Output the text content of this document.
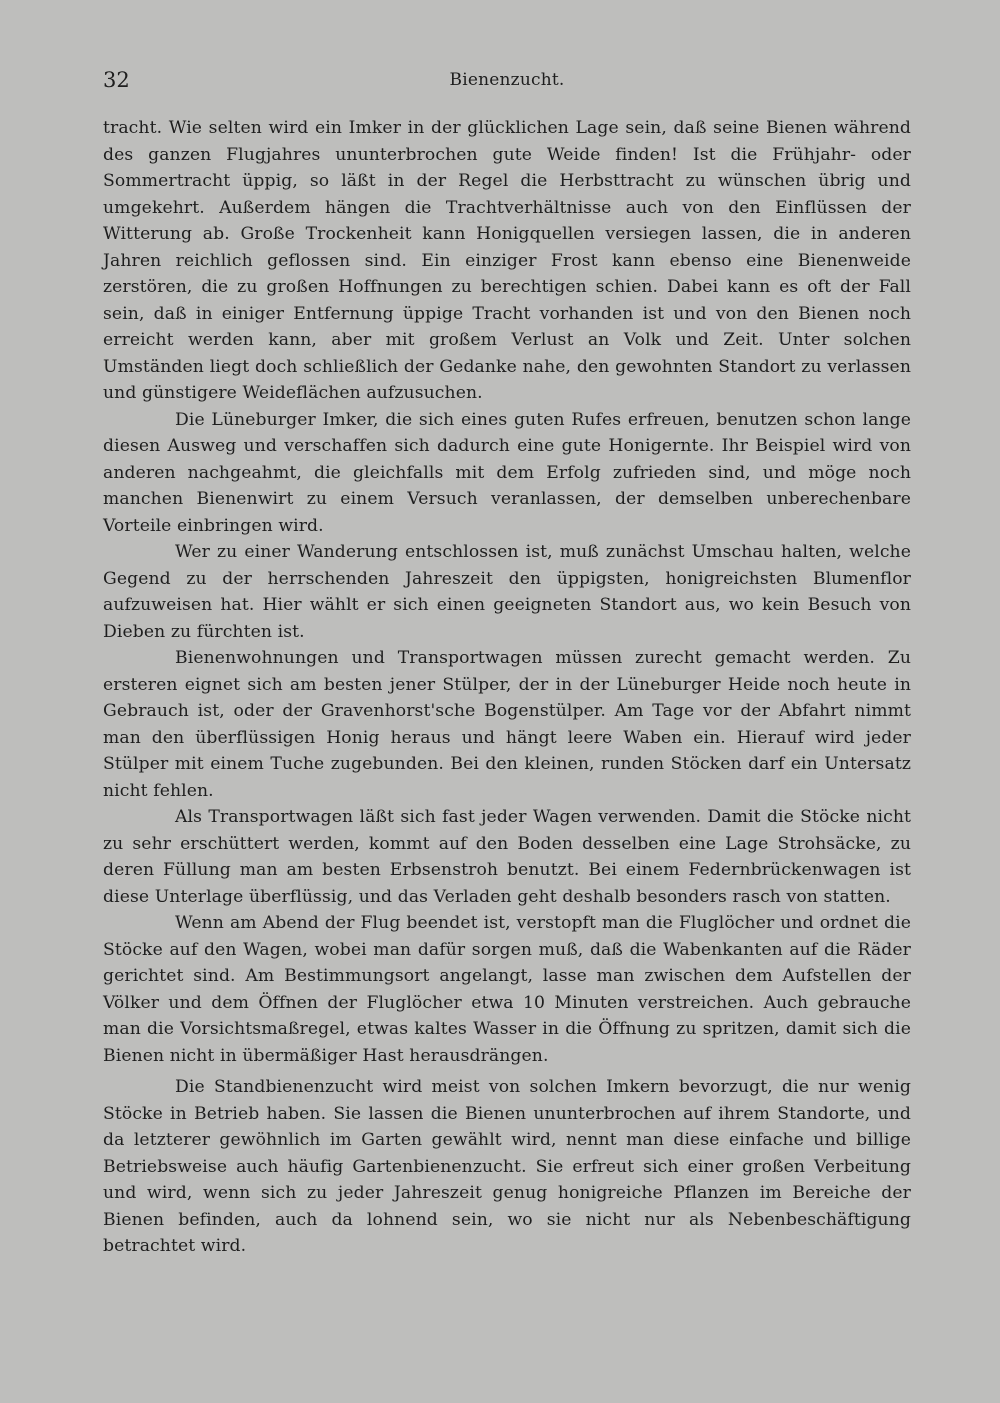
32	Bienenzucht.

tracht. Wie selten wird ein Imker in der glücklichen Lage sein, daß seine Bienen während des ganzen Flugjahres ununterbrochen gute Weide finden! Ist die Frühjahr- oder Sommertracht üppig, so läßt in der Regel die Herbsttracht zu wünschen übrig und umgekehrt. Außerdem hängen die Trachtverhältnisse auch von den Einflüssen der Witterung ab. Große Trockenheit kann Honigquellen versiegen lassen, die in anderen Jahren reichlich geflossen sind. Ein einziger Frost kann ebenso eine Bienenweide zerstören, die zu großen Hoffnungen zu berechtigen schien. Dabei kann es oft der Fall sein, daß in einiger Entfernung üppige Tracht vorhanden ist und von den Bienen noch erreicht werden kann, aber mit großem Verlust an Volk und Zeit. Unter solchen Umständen liegt doch schließlich der Gedanke nahe, den gewohnten Standort zu verlassen und günstigere Weideflächen aufzusuchen.

Die Lüneburger Imker, die sich eines guten Rufes erfreuen, benutzen schon lange diesen Ausweg und verschaffen sich dadurch eine gute Honigernte. Ihr Beispiel wird von anderen nachgeahmt, die gleichfalls mit dem Erfolg zufrieden sind, und möge noch manchen Bienenwirt zu einem Versuch veranlassen, der demselben unberechenbare Vorteile einbringen wird.

Wer zu einer Wanderung entschlossen ist, muß zunächst Umschau halten, welche Gegend zu der herrschenden Jahreszeit den üppigsten, honigreichsten Blumenflor aufzuweisen hat. Hier wählt er sich einen geeigneten Standort aus, wo kein Besuch von Dieben zu fürchten ist.

Bienenwohnungen und Transportwagen müssen zurecht gemacht werden. Zu ersteren eignet sich am besten jener Stülper, der in der Lüneburger Heide noch heute in Gebrauch ist, oder der Gravenhorst'sche Bogenstülper. Am Tage vor der Abfahrt nimmt man den überflüssigen Honig heraus und hängt leere Waben ein. Hierauf wird jeder Stülper mit einem Tuche zugebunden. Bei den kleinen, runden Stöcken darf ein Untersatz nicht fehlen.

Als Transportwagen läßt sich fast jeder Wagen verwenden. Damit die Stöcke nicht zu sehr erschüttert werden, kommt auf den Boden desselben eine Lage Strohsäcke, zu deren Füllung man am besten Erbsenstroh benutzt. Bei einem Federnbrückenwagen ist diese Unterlage überflüssig, und das Verladen geht deshalb besonders rasch von statten.

Wenn am Abend der Flug beendet ist, verstopft man die Fluglöcher und ordnet die Stöcke auf den Wagen, wobei man dafür sorgen muß, daß die Wabenkanten auf die Räder gerichtet sind. Am Bestimmungsort angelangt, lasse man zwischen dem Aufstellen der Völker und dem Öffnen der Fluglöcher etwa 10 Minuten verstreichen. Auch gebrauche man die Vorsichtsmaßregel, etwas kaltes Wasser in die Öffnung zu spritzen, damit sich die Bienen nicht in übermäßiger Hast herausdrängen.

Die Standbienenzucht wird meist von solchen Imkern bevorzugt, die nur wenig Stöcke in Betrieb haben. Sie lassen die Bienen ununterbrochen auf ihrem Standorte, und da letzterer gewöhnlich im Garten gewählt wird, nennt man diese einfache und billige Betriebsweise auch häufig Gartenbienenzucht. Sie erfreut sich einer großen Verbeitung und wird, wenn sich zu jeder Jahreszeit genug honigreiche Pflanzen im Bereiche der Bienen befinden, auch da lohnend sein, wo sie nicht nur als Nebenbeschäftigung betrachtet wird.
